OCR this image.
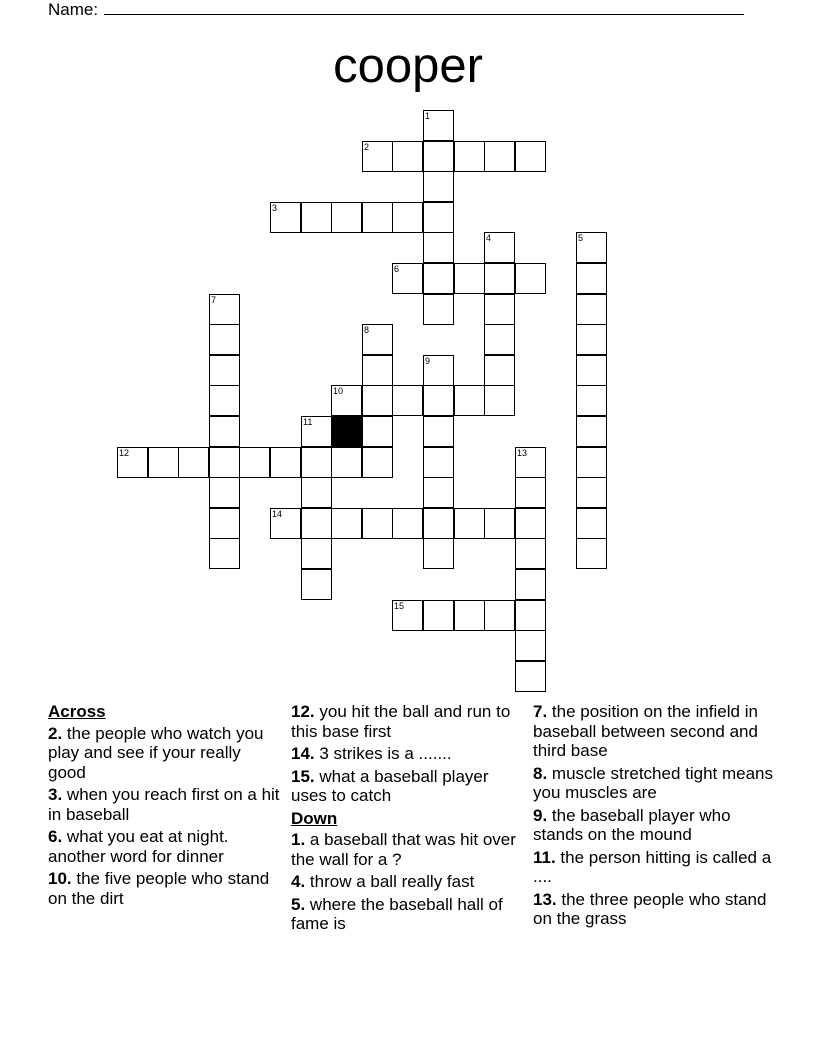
Name:
cooper
1
2
3
4	5
6
7
8
9
10
11
12	13
14
15
Across
2. the people who watch you play and see if your really good
3. when you reach first on a hit in baseball
6. what you eat at night. another word for dinner
10. the five people who stand on the dirt
12. you hit the ball and run to this base first
14. 3 strikes is a .......
15. what a baseball player uses to catch
Down
1. a baseball that was hit over the wall for a ?
4. throw a ball really fast
5. where the baseball hall of fame is
7. the position on the infield in baseball between second and third base
8. muscle stretched tight means you muscles are
9. the baseball player who stands on the mound
11. the person hitting is called a ....
13. the three people who stand on the grass
